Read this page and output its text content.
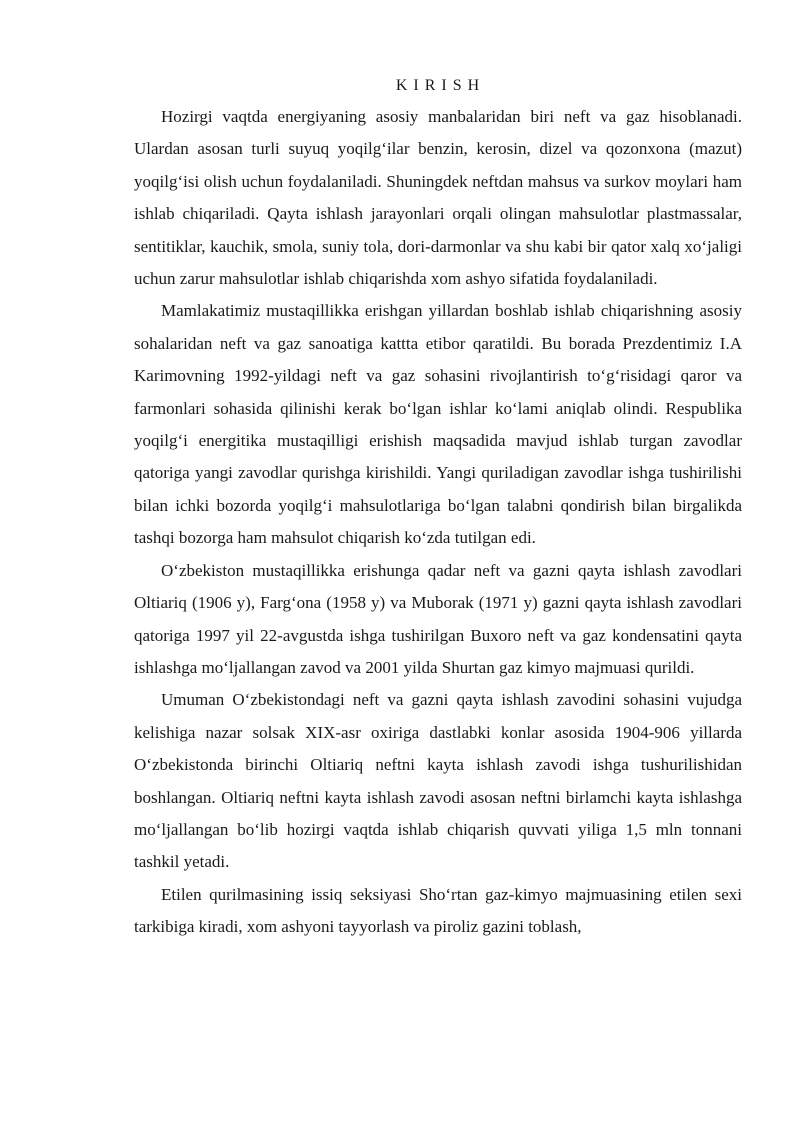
K I R I S H

Hozirgi vaqtda energiyaning asosiy manbalaridan biri neft va gaz hisoblanadi. Ulardan asosan turli suyuq yoqilg‘ilar benzin, kerosin, dizel va qozonxona (mazut) yoqilg‘isi olish uchun foydalaniladi. Shuningdek neftdan mahsus va surkov moylari ham ishlab chiqariladi. Qayta ishlash jarayonlari orqali olingan mahsulotlar plastmassalar, sentitiklar, kauchik, smola, suniy tola, dori-darmonlar va shu kabi bir qator xalq xo‘jaligi uchun zarur mahsulotlar ishlab chiqarishda xom ashyo sifatida foydalaniladi.

Mamlakatimiz mustaqillikka erishgan yillardan boshlab ishlab chiqarishning asosiy sohalaridan neft va gaz sanoatiga kattta etibor qaratildi. Bu borada Prezdentimiz I.A Karimovning 1992-yildagi neft va gaz sohasini rivojlantirish to‘g‘risidagi qaror va farmonlari sohasida qilinishi kerak bo‘lgan ishlar ko‘lami aniqlab olindi. Respublika yoqilg‘i energitika mustaqilligi erishish maqsadida mavjud ishlab turgan zavodlar qatoriga yangi zavodlar qurishga kirishildi. Yangi quriladigan zavodlar ishga tushirilishi bilan ichki bozorda yoqilg‘i mahsulotlariga bo‘lgan talabni qondirish bilan birgalikda tashqi bozorga ham mahsulot chiqarish ko‘zda tutilgan edi.

O‘zbekiston mustaqillikka erishunga qadar neft va gazni qayta ishlash zavodlari Oltiariq (1906 y), Farg‘ona (1958 y) va Muborak (1971 y) gazni qayta ishlash zavodlari qatoriga 1997 yil 22-avgustda ishga tushirilgan Buxoro neft va gaz kondensatini qayta ishlashga mo‘ljallangan zavod va 2001 yilda Shurtan gaz kimyo majmuasi qurildi.

Umuman O‘zbekistondagi neft va gazni qayta ishlash zavodini sohasini vujudga kelishiga nazar solsak XIX-asr oxiriga dastlabki konlar asosida 1904-906 yillarda O‘zbekistonda birinchi Oltiariq neftni kayta ishlash zavodi ishga tushurilishidan boshlangan. Oltiariq neftni kayta ishlash zavodi asosan neftni birlamchi kayta ishlashga mo‘ljallangan bo‘lib hozirgi vaqtda ishlab chiqarish quvvati yiliga 1,5 mln tonnani tashkil yetadi.

Etilen qurilmasining issiq seksiyasi Sho‘rtan gaz-kimyo majmuasining etilen sexi tarkibiga kiradi, xom ashyoni tayyorlash va piroliz gazini toblash,
